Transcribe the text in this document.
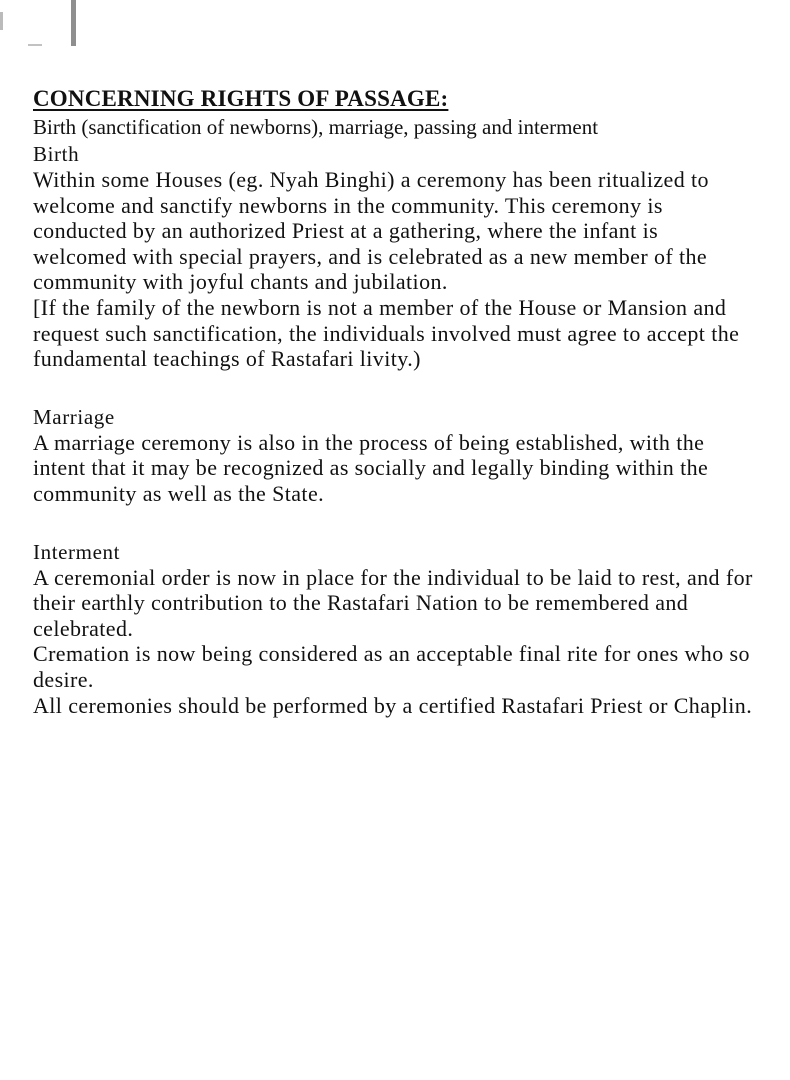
CONCERNING RIGHTS OF PASSAGE:

Birth (sanctification of newborns), marriage, passing and interment

Birth

Within some Houses (eg. Nyah Binghi) a ceremony has been ritualized to welcome and sanctify newborns in the community. This ceremony is conducted by an authorized Priest at a gathering, where the infant is welcomed with special prayers, and is celebrated as a new member of the community with joyful chants and jubilation.

[If the family of the newborn is not a member of the House or Mansion and request such sanctification, the individuals involved must agree to accept the fundamental teachings of Rastafari livity.)

Marriage

A marriage ceremony is also in the process of being established, with the intent that it may be recognized as socially and legally binding within the community as well as the State.

Interment

A ceremonial order is now in place for the individual to be laid to rest, and for their earthly contribution to the Rastafari Nation to be remembered and celebrated.

Cremation is now being considered as an acceptable final rite for ones who so desire.

All ceremonies should be performed by a certified Rastafari Priest or Chaplin.
